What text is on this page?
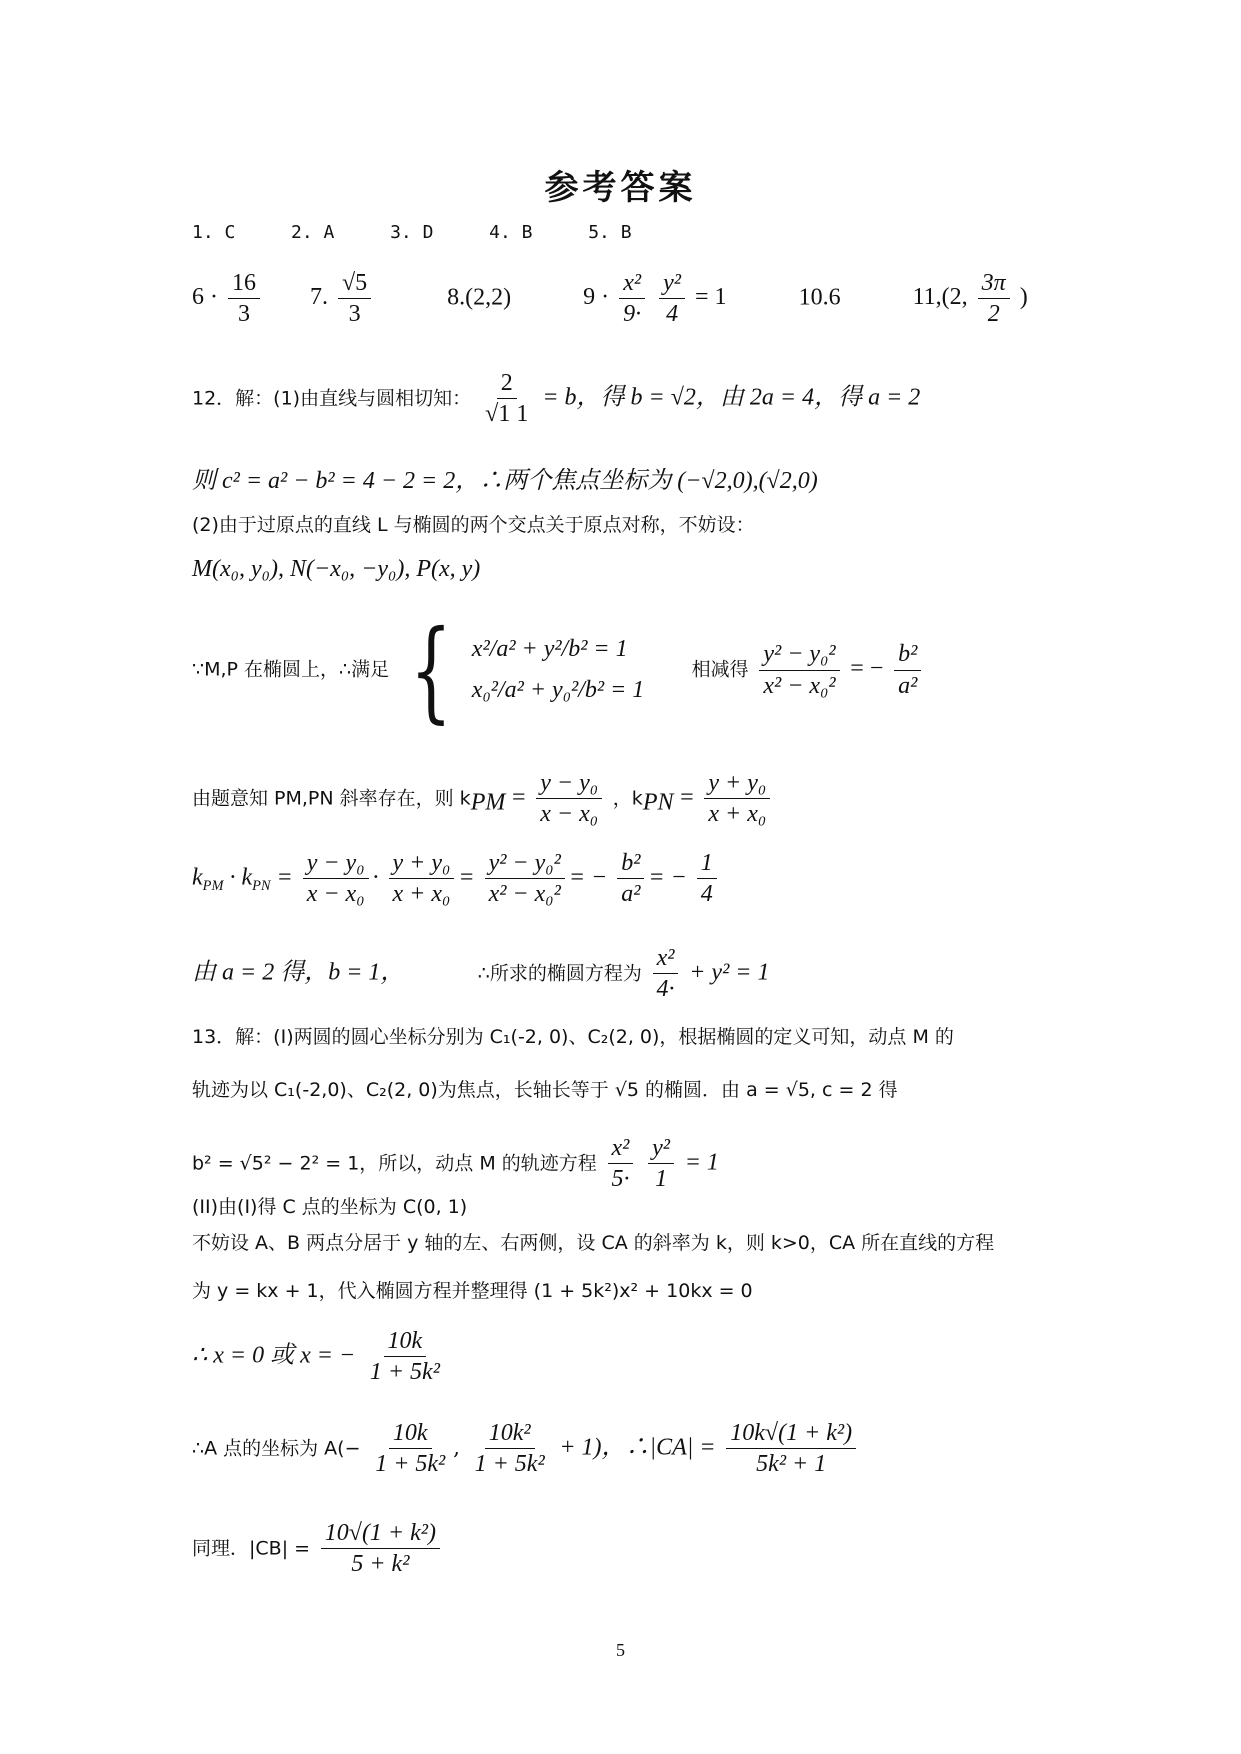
参考答案
1. C	2. A	3. D	4. B	5. B
$6 \cdot \frac{16}{3} 7$. $\frac{√5}{3}$	8.(2,2)	$9 \cdot \frac{\text{x²}}{9\cdot}$
$\frac{\text{y²}}{4} = 1$	10.6	11,(2, $\frac{3\pi}{2}$ )
12．解：(1)由直线与圆相切知： $\frac{2}{√1 1} = b$，得 b = √2，由 2a = 4，得 a = 2
则 c² = a² − b² = 4 − 2 = 2，∴两个焦点坐标为 (−√2,0),(√2,0)
(2)由于过原点的直线 L 与椭圆的两个交点关于原点对称，不妨设：
M(x₀, y₀), N(−x₀, −y₀), P(x, y)
∵M,P 在椭圆上，∴满足 { x²/a² + y²/b² = 1
x₀²/a² + y₀²/b² = 1
相减得 $\frac{\text{y² − y₀²}}{\text{x² − x₀²}}$ = − $\frac{\text{b²}}{\text{a²}}$
由题意知 PM,PN 斜率存在，则 $k_{PM} = \frac{\text{y − y₀}}{\text{x − x₀}}$ ，$k_{PN} = \frac{\text{y + y₀}}{\text{x + x₀}}$
$k_{PM} \cdot k_{PN} = \frac{\text{y − y₀}}{\text{x − x₀}} \cdot \frac{\text{y + y₀}}{\text{x + x₀}} = \frac{\text{y² − y₀²}}{\text{x² − x₀²}}$ = − $\frac{\text{b²}}{\text{a²}}$ = − $\frac{1}{4}$
由 a = 2 得，b = 1，	∴所求的椭圆方程为 $\frac{\text{x²}}{4\cdot} + y^2 = 1$
13．解：(I)两圆的圆心坐标分别为 C₁(-2, 0)、C₂(2, 0)，根据椭圆的定义可知，动点 M 的
轨迹为以 C₁(-2,0)、C₂(2, 0)为焦点，长轴长等于 √5 的椭圆．由 a = √5, c = 2 得
b² = √5² − 2² = 1，所以，动点 M 的轨迹方程 $\frac{\text{x²}}{5\cdot}$
$\frac{\text{y²}}{1} = 1$
(II)由(I)得 C 点的坐标为 C(0, 1)
不妨设 A、B 两点分居于 y 轴的左、右两侧，设 CA 的斜率为 k，则 k>0，CA 所在直线的方程
为 y = kx + 1，代入椭圆方程并整理得 (1 + 5k²)x² + 10kx = 0
∴ x = 0 或 x = − $\frac{10k}{\text{1 + 5k²}}$
∴A 点的坐标为 $A(- \frac{10k}{\text{1 + 5k²}}$ , $\frac{\text{10k²}}{\text{1 + 5k²}} + 1$)，∴|CA| = $\frac{\text{10k√(1 + k²)}}{\text{5k² + 1}}$
同理．$|CB| = \frac{\text{10√(1 + k²)}}{\text{5 + k²}}$
5
